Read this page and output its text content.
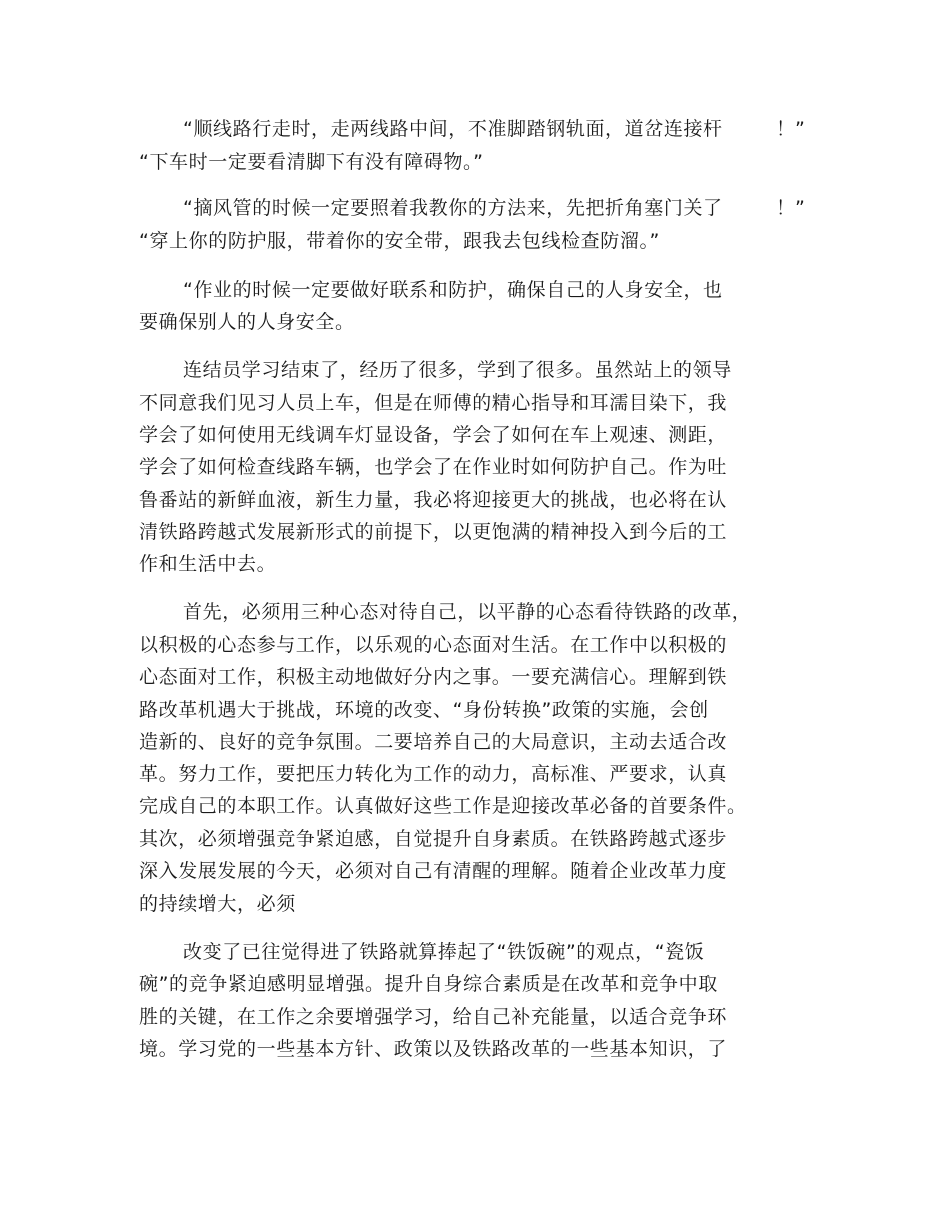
“顺线路行走时，走两线路中间，不准脚踏钢轨面，道岔连接杆	！”
“下车时一定要看清脚下有没有障碍物。”
“摘风管的时候一定要照着我教你的方法来，先把折角塞门关了	！”
“穿上你的防护服，带着你的安全带，跟我去包线检查防溜。”
“作业的时候一定要做好联系和防护，确保自己的人身安全，也
要确保别人的人身安全。
连结员学习结束了，经历了很多，学到了很多。虽然站上的领导
不同意我们见习人员上车，但是在师傅的精心指导和耳濡目染下，我
学会了如何使用无线调车灯显设备，学会了如何在车上观速、测距，
学会了如何检查线路车辆，也学会了在作业时如何防护自己。作为吐
鲁番站的新鲜血液，新生力量，我必将迎接更大的挑战，也必将在认
清铁路跨越式发展新形式的前提下，以更饱满的精神投入到今后的工
作和生活中去。
首先，必须用三种心态对待自己，以平静的心态看待铁路的改革，
以积极的心态参与工作，以乐观的心态面对生活。在工作中以积极的
心态面对工作，积极主动地做好分内之事。一要充满信心。理解到铁
路改革机遇大于挑战，环境的改变、“身份转换”政策的实施，会创
造新的、良好的竞争氛围。二要培养自己的大局意识，主动去适合改
革。努力工作，要把压力转化为工作的动力，高标准、严要求，认真
完成自己的本职工作。认真做好这些工作是迎接改革必备的首要条件。
其次，必须增强竞争紧迫感，自觉提升自身素质。在铁路跨越式逐步
深入发展发展的今天，必须对自己有清醒的理解。随着企业改革力度
的持续增大，必须
改变了已往觉得进了铁路就算捧起了“铁饭碗”的观点，“瓷饭
碗”的竞争紧迫感明显增强。提升自身综合素质是在改革和竞争中取
胜的关键，在工作之余要增强学习，给自己补充能量，以适合竞争环
境。学习党的一些基本方针、政策以及铁路改革的一些基本知识，了
